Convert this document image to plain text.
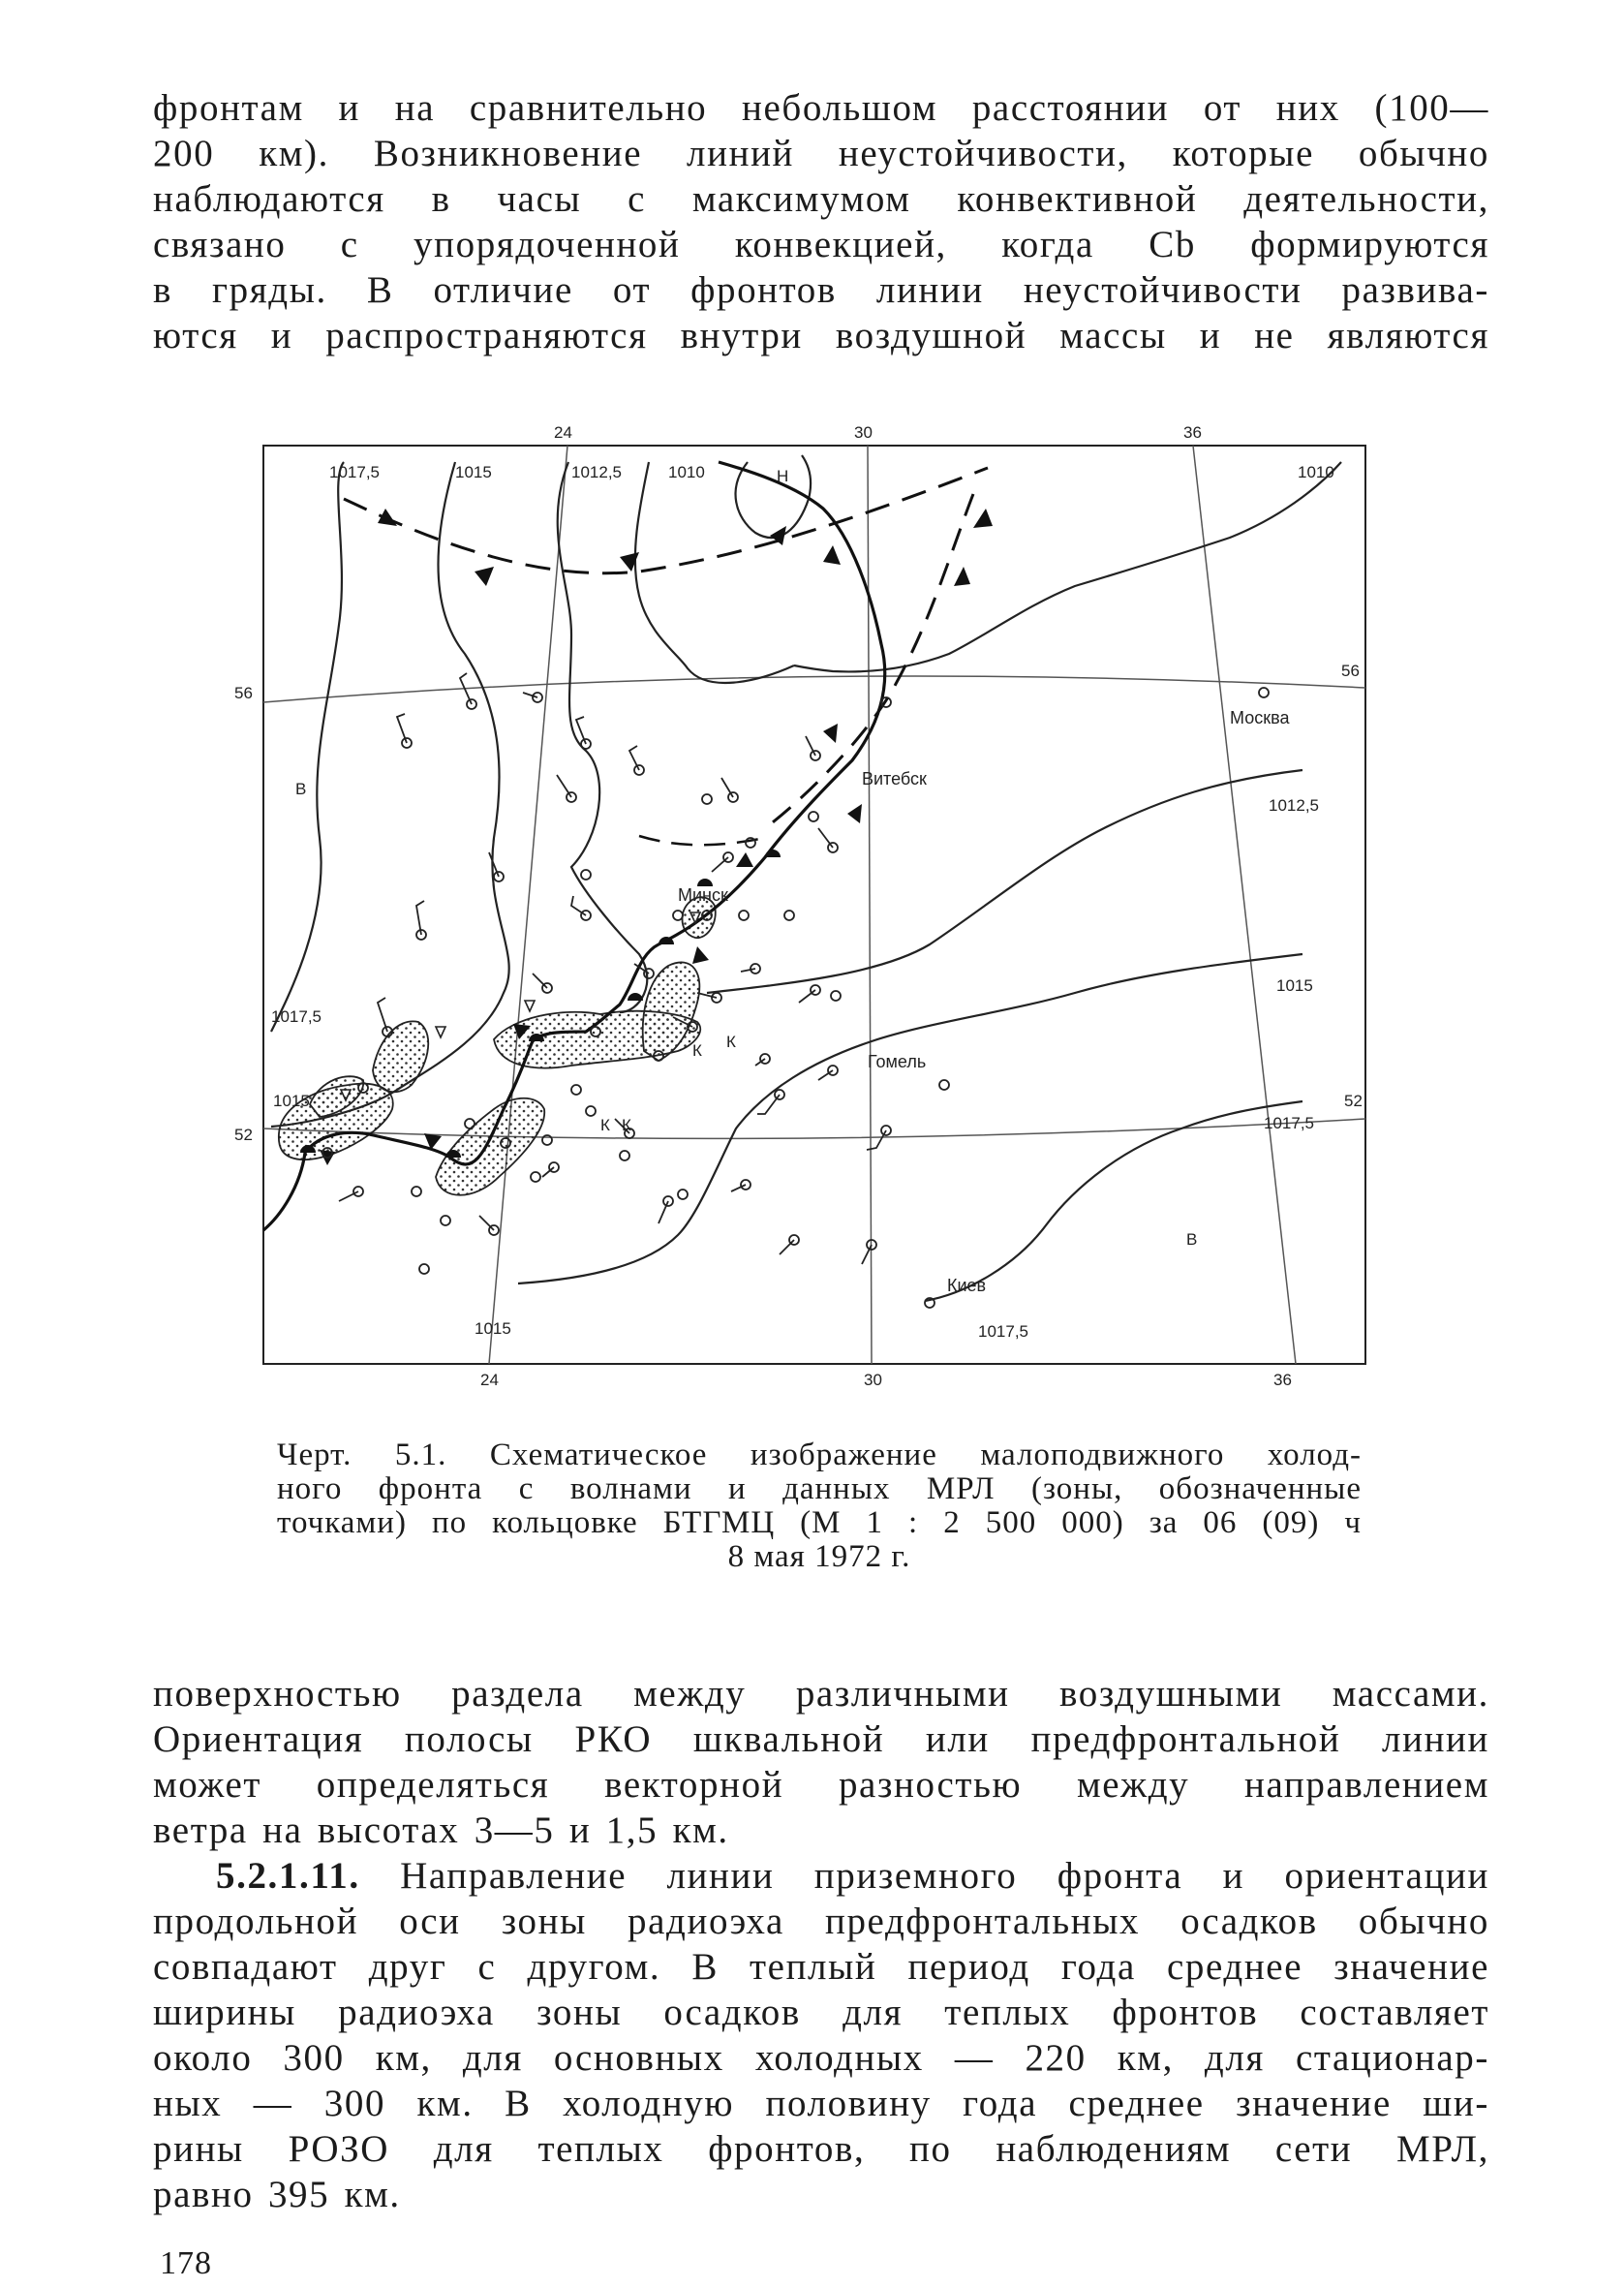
фронтам и на сравнительно небольшом расстоянии от них (100—
200 км). Возникновение линий неустойчивости, которые обычно
наблюдаются в часы с максимумом конвективной деятельности,
связано с упорядоченной конвекцией, когда Cb формируются
в гряды. В отличие от фронтов линии неустойчивости развива-
ются и распространяются внутри воздушной массы и не являются
24	30	36
24	30	36
56
56
52
52
1017,5	1015	1012,5	1010	1010
1012,5
1015
1017,5
1017,5
1015
1015	1017,5
Н
В
В
Москва
Витебск
Минск
Гомель
Киев
К К
К К
Черт. 5.1. Схематическое изображение малоподвижного холод-
ного фронта с волнами и данных МРЛ (зоны, обозначенные
точками) по кольцовке БТГМЦ (М 1 : 2 500 000) за 06 (09) ч
8 мая 1972 г.
поверхностью раздела между различными воздушными массами.
Ориентация полосы РКО шквальной или предфронтальной линии
может определяться векторной разностью между направлением
ветра на высотах 3—5 и 1,5 км.
5.2.1.11. Направление линии приземного фронта и ориентации
продольной оси зоны радиоэха предфронтальных осадков обычно
совпадают друг с другом. В теплый период года среднее значение
ширины радиоэха зоны осадков для теплых фронтов составляет
около 300 км, для основных холодных — 220 км, для стационар-
ных — 300 км. В холодную половину года среднее значение ши-
рины РОЗО для теплых фронтов, по наблюдениям сети МРЛ,
равно 395 км.
178
